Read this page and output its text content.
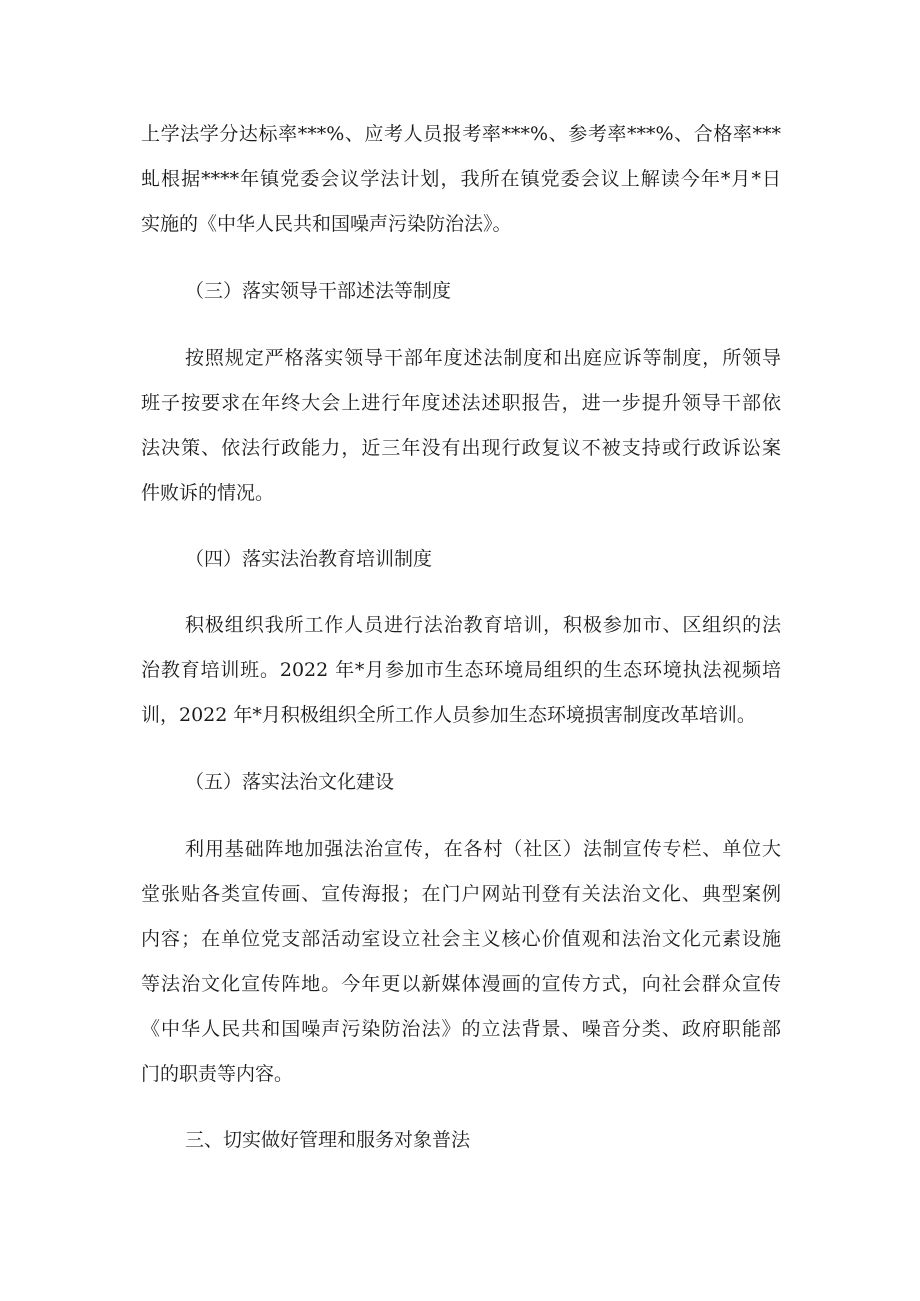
上学法学分达标率***%、应考人员报考率***%、参考率***%、合格率***
虬根据****年镇党委会议学法计划，我所在镇党委会议上解读今年*月*日
实施的《中华人民共和国噪声污染防治法》。
（三）落实领导干部述法等制度
按照规定严格落实领导干部年度述法制度和出庭应诉等制度，所领导
班子按要求在年终大会上进行年度述法述职报告，进一步提升领导干部依
法决策、依法行政能力，近三年没有出现行政复议不被支持或行政诉讼案
件败诉的情况。
（四）落实法治教育培训制度
积极组织我所工作人员进行法治教育培训，积极参加市、区组织的法
治教育培训班。2022 年*月参加市生态环境局组织的生态环境执法视频培
训，2022 年*月积极组织全所工作人员参加生态环境损害制度改革培训。
（五）落实法治文化建设
利用基础阵地加强法治宣传，在各村（社区）法制宣传专栏、单位大
堂张贴各类宣传画、宣传海报；在门户网站刊登有关法治文化、典型案例
内容；在单位党支部活动室设立社会主义核心价值观和法治文化元素设施
等法治文化宣传阵地。今年更以新媒体漫画的宣传方式，向社会群众宣传
《中华人民共和国噪声污染防治法》的立法背景、噪音分类、政府职能部
门的职责等内容。
三、切实做好管理和服务对象普法
